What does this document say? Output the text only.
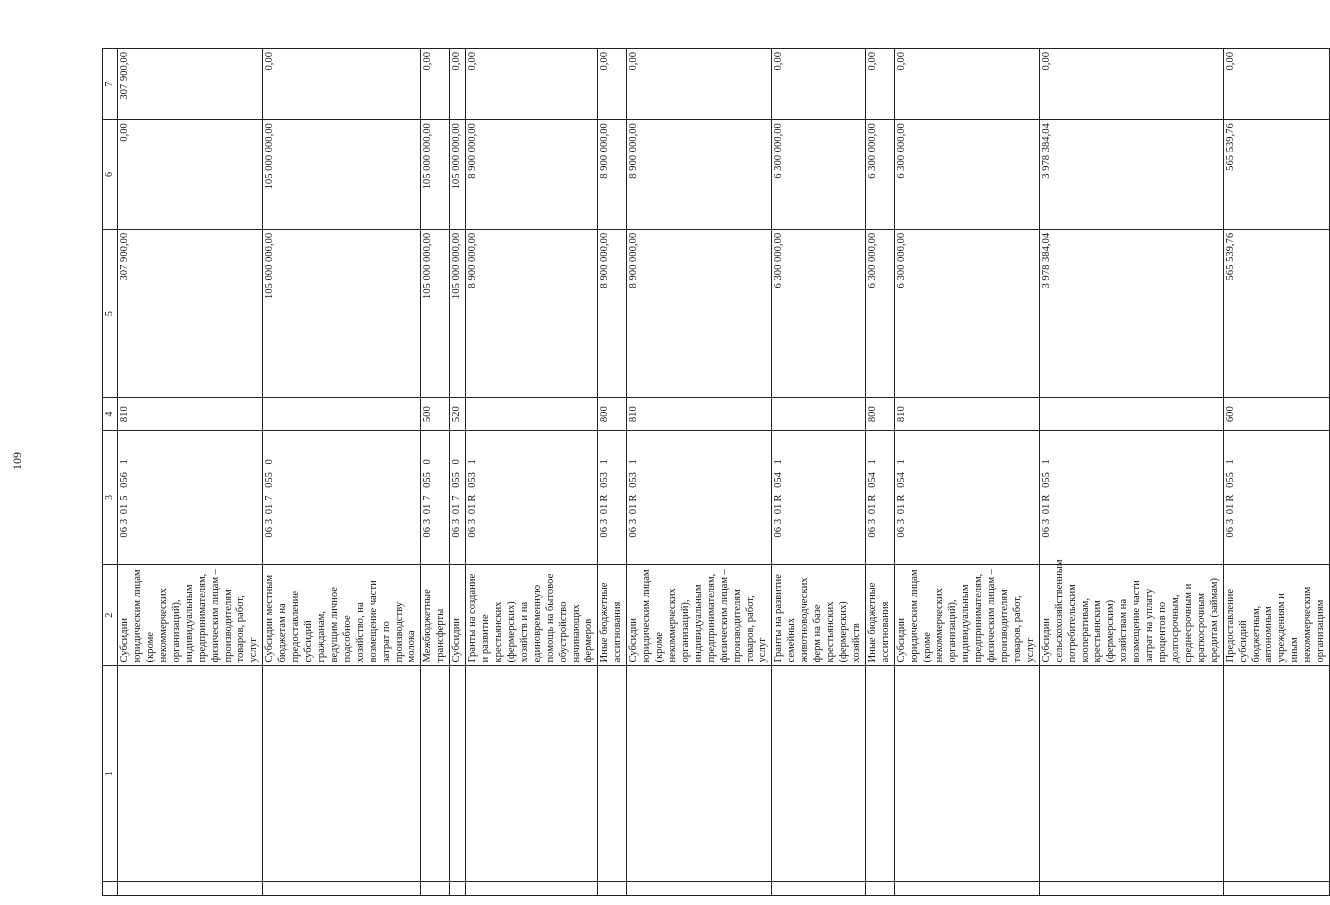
109
	1	2	3	4	5	6	7
		Субсидии юридическим лицам (кроме некоммерческих организаций), индивидуальным предпринимателям, физическим лицам – производителям товаров, работ, услуг	06 3 01 5 056 1	810	307 900,00	0,00	307 900,00
		Субсидии местным бюджетам на предоставление субсидий гражданам, ведущим личное подсобное хозяйство, на возмещение части затрат по производству молока	06 3 01 7 055 0		105 000 000,00	105 000 000,00	0,00
		Межбюджетные трансферты	06 3 01 7 055 0	500	105 000 000,00	105 000 000,00	0,00
		Субсидии	06 3 01 7 055 0	520	105 000 000,00	105 000 000,00	0,00
		Гранты на создание и развитие крестьянских (фермерских) хозяйств и на единовременную помощь на бытовое обустройство начинающих фермеров	06 3 01 R 053 1		8 900 000,00	8 900 000,00	0,00
		Иные бюджетные ассигнования	06 3 01 R 053 1	800	8 900 000,00	8 900 000,00	0,00
		Субсидии юридическим лицам (кроме некоммерческих организаций), индивидуальным предпринимателям, физическим лицам – производителям товаров, работ, услуг	06 3 01 R 053 1	810	8 900 000,00	8 900 000,00	0,00
		Гранты на развитие семейных животноводческих ферм на базе крестьянских (фермерских) хозяйств	06 3 01 R 054 1		6 300 000,00	6 300 000,00	0,00
		Иные бюджетные ассигнования	06 3 01 R 054 1	800	6 300 000,00	6 300 000,00	0,00
		Субсидии юридическим лицам (кроме некоммерческих организаций), индивидуальным предпринимателям, физическим лицам – производителям товаров, работ, услуг	06 3 01 R 054 1	810	6 300 000,00	6 300 000,00	0,00
		Субсидии сельскохозяйственным потребительским кооперативам, крестьянским (фермерским) хозяйствам на возмещение части затрат на уплату процентов по долгосрочным, среднесрочным и краткосрочным кредитам (займам)	06 3 01 R 055 1		3 978 384,04	3 978 384,04	0,00
		Предоставление субсидий бюджетным, автономным учреждениям и иным некоммерческим организациям	06 3 01 R 055 1	600	565 539,76	565 539,76	0,00
